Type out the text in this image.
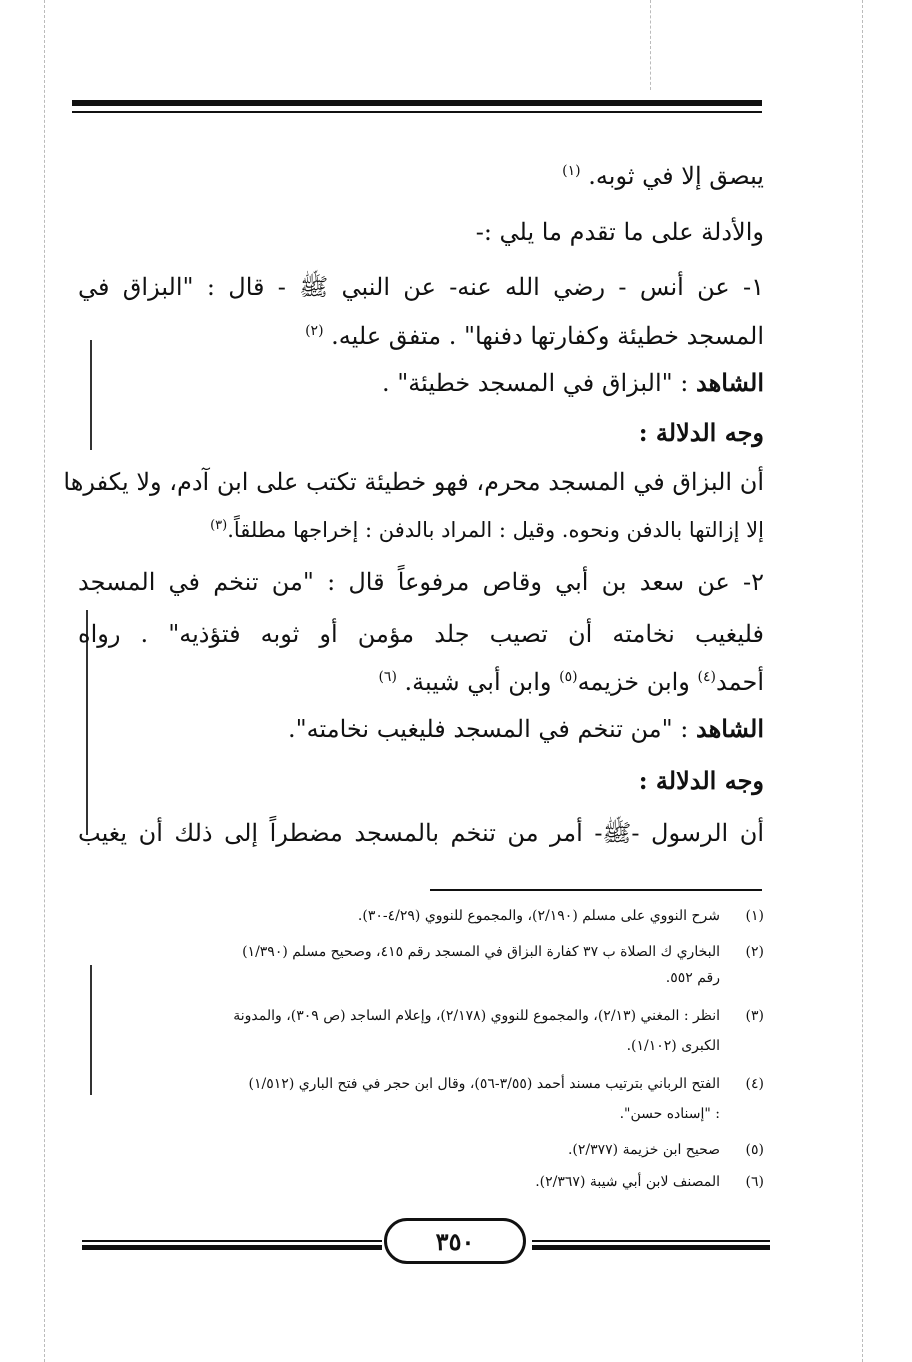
يبصق إلا في ثوبه. $^{(١)}$
والأدلة على ما تقدم ما يلي :-
١- عن أنس - رضي الله عنه- عن النبي ﷺ - قال : "البزاق في
المسجد خطيئة وكفارتها دفنها" . متفق عليه. $^{(٢)}$
الشاهد : "البزاق في المسجد خطيئة" .
وجه الدلالة :
أن البزاق في المسجد محرم، فهو خطيئة تكتب على ابن آدم، ولا يكفرها
إلا إزالتها بالدفن ونحوه. وقيل : المراد بالدفن : إخراجها مطلقاً.$^{(٣)}$
٢- عن سعد بن أبي وقاص مرفوعاً قال : "من تنخم في المسجد
فليغيب نخامته أن تصيب جلد مؤمن أو ثوبه فتؤذيه" . رواه
أحمد$^{(٤)}$ وابن خزيمه$^{(٥)}$ وابن أبي شيبة. $^{(٦)}$
الشاهد : "من تنخم في المسجد فليغيب نخامته".
وجه الدلالة :
أن الرسول -ﷺ- أمر من تنخم بالمسجد مضطراً إلى ذلك أن يغيب
(١)شرح النووي على مسلم (٢/١٩٠)، والمجموع للنووي (٤/٢٩-٣٠).
(٢)البخاري ك الصلاة ب ٣٧ كفارة البزاق في المسجد رقم ٤١٥، وصحيح مسلم (١/٣٩٠)
رقم ٥٥٢.
(٣)انظر : المغني (٢/١٣)، والمجموع للنووي (٢/١٧٨)، وإعلام الساجد (ص ٣٠٩)، والمدونة
الكبرى (١/١٠٢).
(٤)الفتح الرباني بترتيب مسند أحمد (٣/٥٥-٥٦)، وقال ابن حجر في فتح الباري (١/٥١٢)
: "إسناده حسن".
(٥)صحيح ابن خزيمة (٢/٣٧٧).
(٦)المصنف لابن أبي شيبة (٢/٣٦٧).
٣٥٠
